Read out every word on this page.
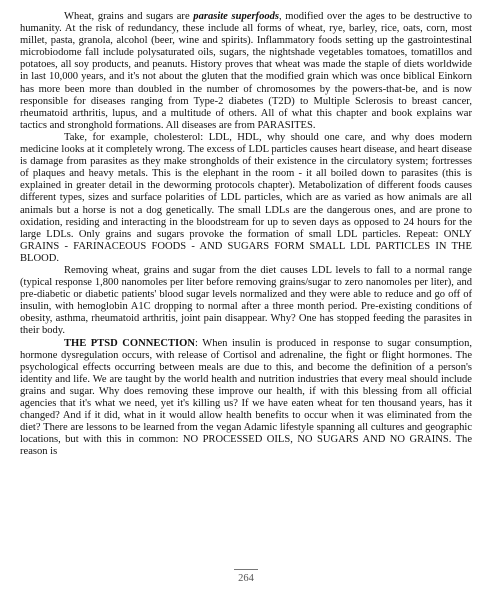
Wheat, grains and sugars are parasite superfoods, modified over the ages to be destructive to humanity. At the risk of redundancy, these include all forms of wheat, rye, barley, rice, oats, corn, most millet, pasta, granola, alcohol (beer, wine and spirits). Inflammatory foods setting up the gastrointestinal microbiodome fall include polysaturated oils, sugars, the nightshade vegetables tomatoes, tomatillos and potatoes, all soy products, and peanuts. History proves that wheat was made the staple of diets worldwide in last 10,000 years, and it's not about the gluten that the modified grain which was once biblical Einkorn has more been more than doubled in the number of chromosomes by the powers-that-be, and is now responsible for diseases ranging from Type-2 diabetes (T2D) to Multiple Sclerosis to breast cancer, rheumatoid arthritis, lupus, and a multitude of others. All of what this chapter and book explains war tactics and stronghold formations. All diseases are from PARASITES.

Take, for example, cholesterol: LDL, HDL, why should one care, and why does modern medicine looks at it completely wrong. The excess of LDL particles causes heart disease, and heart disease is damage from parasites as they make strongholds of their existence in the circulatory system; fortresses of plaques and heavy metals. This is the elephant in the room - it all boiled down to parasites (this is explained in greater detail in the deworming protocols chapter). Metabolization of different foods causes different types, sizes and surface polarities of LDL particles, which are as varied as how animals are all animals but a horse is not a dog genetically. The small LDLs are the dangerous ones, and are prone to oxidation, residing and interacting in the bloodstream for up to seven days as opposed to 24 hours for the large LDLs. Only grains and sugars provoke the formation of small LDL particles. Repeat: ONLY GRAINS - FARINACEOUS FOODS - AND SUGARS FORM SMALL LDL PARTICLES IN THE BLOOD.

Removing wheat, grains and sugar from the diet causes LDL levels to fall to a normal range (typical response 1,800 nanomoles per liter before removing grains/sugar to zero nanomoles per liter), and pre-diabetic or diabetic patients' blood sugar levels normalized and they were able to reduce and go off of insulin, with hemoglobin A1C dropping to normal after a three month period. Pre-existing conditions of obesity, asthma, rheumatoid arthritis, joint pain disappear. Why? One has stopped feeding the parasites in their body.

THE PTSD CONNECTION: When insulin is produced in response to sugar consumption, hormone dysregulation occurs, with release of Cortisol and adrenaline, the fight or flight hormones. The psychological effects occurring between meals are due to this, and become the definition of a person's identity and life. We are taught by the world health and nutrition industries that every meal should include grains and sugar. Why does removing these improve our health, if with this blessing from all official agencies that it's what we need, yet it's killing us? If we have eaten wheat for ten thousand years, has it changed? And if it did, what in it would allow health benefits to occur when it was eliminated from the diet? There are lessons to be learned from the vegan Adamic lifestyle spanning all cultures and geographic locations, but with this in common: NO PROCESSED OILS, NO SUGARS AND NO GRAINS. The reason is

264
